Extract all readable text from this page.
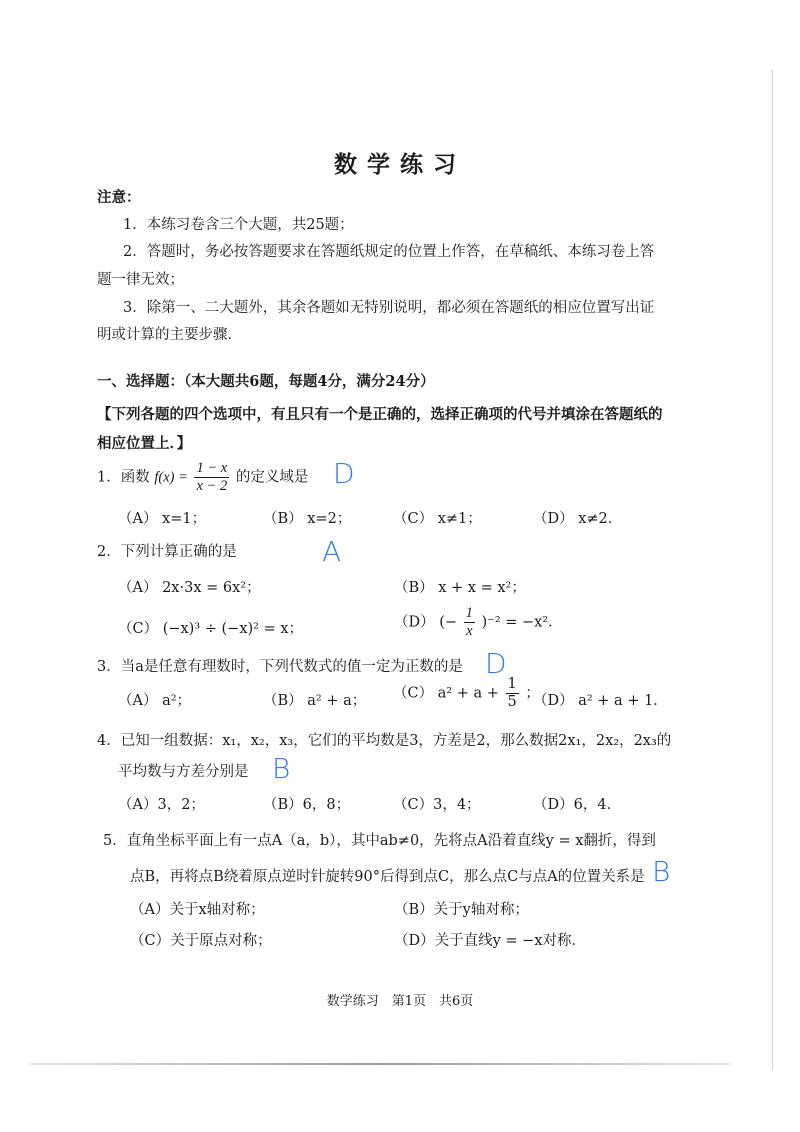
数学练习
注意：
1．本练习卷含三个大题，共25题；
2．答题时，务必按答题要求在答题纸规定的位置上作答，在草稿纸、本练习卷上答
题一律无效；
3．除第一、二大题外，其余各题如无特别说明，都必须在答题纸的相应位置写出证
明或计算的主要步骤．
一、选择题：（本大题共6题，每题4分，满分24分）
【下列各题的四个选项中，有且只有一个是正确的，选择正确项的代号并填涂在答题纸的
相应位置上．】
1．函数 $f(x) = \frac{1 - x}{x - 2}$ 的定义域是 D
（A） x=1；	（B） x=2；	（C） x≠1；	（D） x≠2．
2．下列计算正确的是	A
（A） 2x·3x = 6x²；	（B） x + x = x²；
（C） (−x)³ ÷ (−x)² = x；	（D） (− $\frac{1}{x} )^{-2} = -x^2$．
3．当a是任意有理数时，下列代数式的值一定为正数的是 D
（A） a²；	（B） a² + a； （C） $a^2 + a + \frac{1}{5}$ ；
（D） a² + a + 1．
4．已知一组数据：x₁，x₂，x₃，它们的平均数是3，方差是2，那么数据2x₁，2x₂，2x₃的
平均数与方差分别是 B
（A）3，2；	（B）6，8；	（C）3，4；	（D）6，4．
5．直角坐标平面上有一点A（a，b），其中ab≠0，先将点A沿着直线y = x翻折，得到
点B，再将点B绕着原点逆时针旋转90°后得到点C，那么点C与点A的位置关系是 B
（A）关于x轴对称；	（B）关于y轴对称；
（C）关于原点对称；	（D）关于直线y = −x对称．
数学练习　第1页　共6页
